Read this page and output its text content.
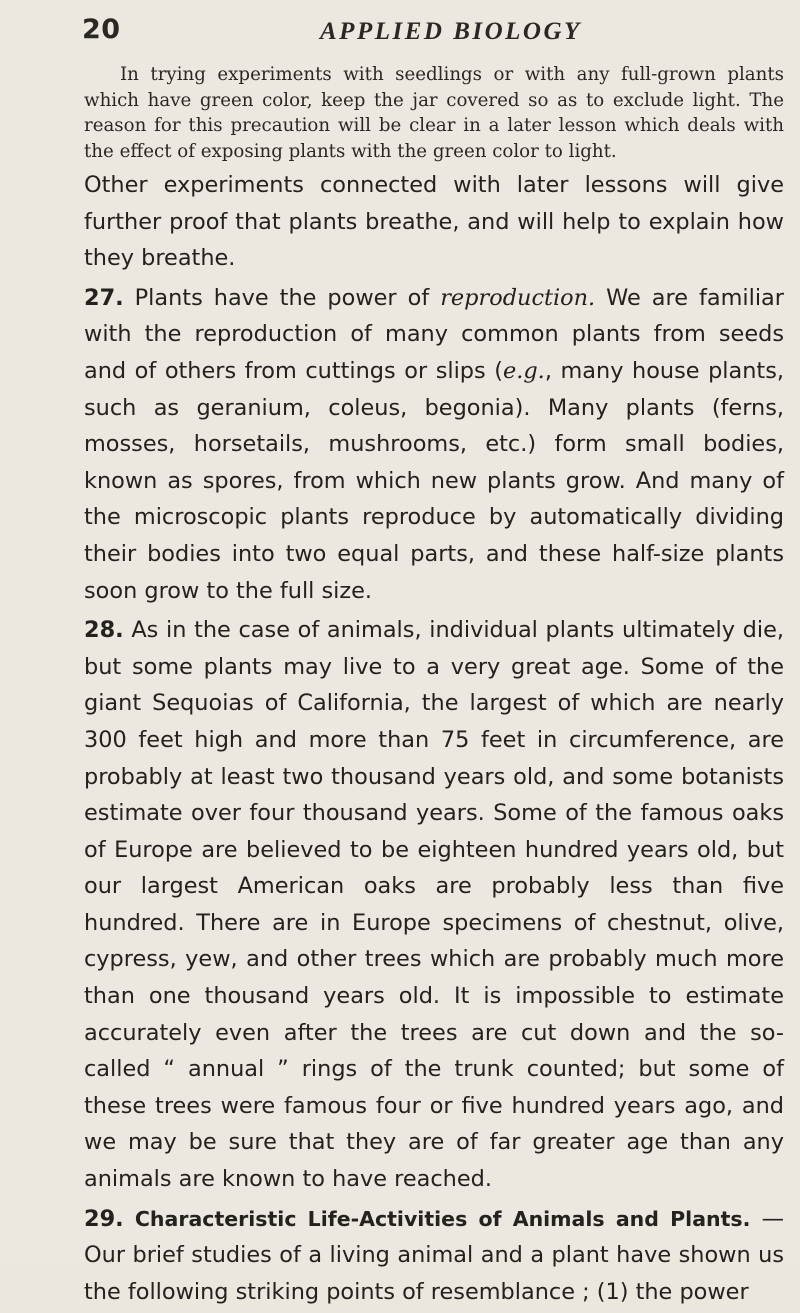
20	APPLIED BIOLOGY
In trying experiments with seedlings or with any full-grown plants which have green color, keep the jar covered so as to exclude light. The reason for this precaution will be clear in a later lesson which deals with the effect of exposing plants with the green color to light.

Other experiments connected with later lessons will give further proof that plants breathe, and will help to explain how they breathe.

27. Plants have the power of reproduction. We are familiar with the reproduction of many common plants from seeds and of others from cuttings or slips (e.g., many house plants, such as geranium, coleus, begonia). Many plants (ferns, mosses, horsetails, mushrooms, etc.) form small bodies, known as spores, from which new plants grow. And many of the microscopic plants reproduce by automatically dividing their bodies into two equal parts, and these half-size plants soon grow to the full size.

28. As in the case of animals, individual plants ultimately die, but some plants may live to a very great age. Some of the giant Sequoias of California, the largest of which are nearly 300 feet high and more than 75 feet in circumference, are probably at least two thousand years old, and some botanists estimate over four thousand years. Some of the famous oaks of Europe are believed to be eighteen hundred years old, but our largest American oaks are probably less than five hundred. There are in Europe specimens of chestnut, olive, cypress, yew, and other trees which are probably much more than one thousand years old. It is impossible to estimate accurately even after the trees are cut down and the so-called “ annual ” rings of the trunk counted; but some of these trees were famous four or five hundred years ago, and we may be sure that they are of far greater age than any animals are known to have reached.

29. Characteristic Life-Activities of Animals and Plants. — Our brief studies of a living animal and a plant have shown us the following striking points of resemblance ; (1) the power
